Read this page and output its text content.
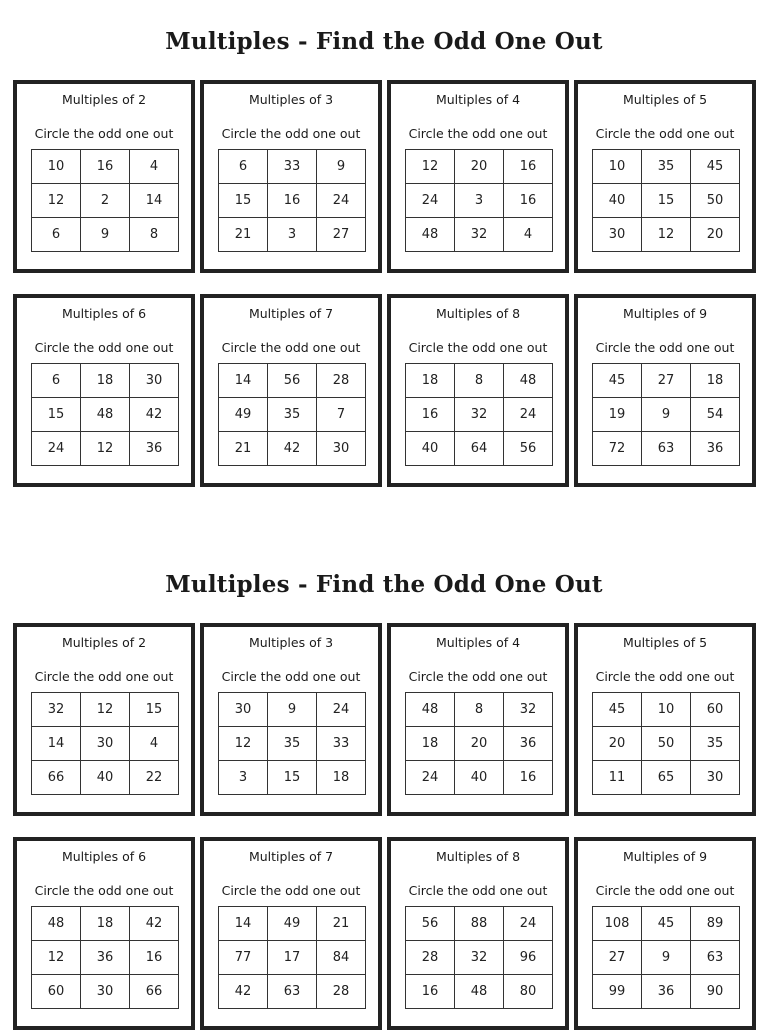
Multiples - Find the Odd One Out
Multiples of 2
Circle the odd one out
10	16	4
12	2	14
6	9	8
Multiples of 3
Circle the odd one out
6	33	9
15	16	24
21	3	27
Multiples of 4
Circle the odd one out
12	20	16
24	3	16
48	32	4
Multiples of 5
Circle the odd one out
10	35	45
40	15	50
30	12	20
Multiples of 6
Circle the odd one out
6	18	30
15	48	42
24	12	36
Multiples of 7
Circle the odd one out
14	56	28
49	35	7
21	42	30
Multiples of 8
Circle the odd one out
18	8	48
16	32	24
40	64	56
Multiples of 9
Circle the odd one out
45	27	18
19	9	54
72	63	36
Multiples - Find the Odd One Out
Multiples of 2
Circle the odd one out
32	12	15
14	30	4
66	40	22
Multiples of 3
Circle the odd one out
30	9	24
12	35	33
3	15	18
Multiples of 4
Circle the odd one out
48	8	32
18	20	36
24	40	16
Multiples of 5
Circle the odd one out
45	10	60
20	50	35
11	65	30
Multiples of 6
Circle the odd one out
48	18	42
12	36	16
60	30	66
Multiples of 7
Circle the odd one out
14	49	21
77	17	84
42	63	28
Multiples of 8
Circle the odd one out
56	88	24
28	32	96
16	48	80
Multiples of 9
Circle the odd one out
108	45	89
27	9	63
99	36	90
